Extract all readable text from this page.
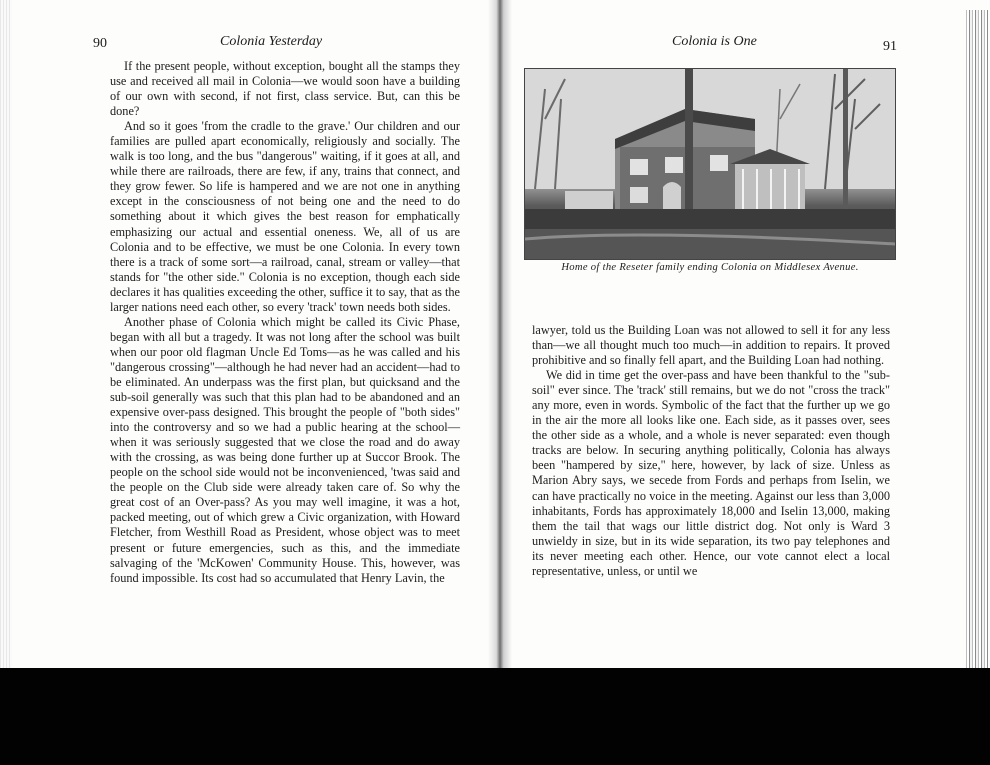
90	Colonia Yesterday

If the present people, without exception, bought all the stamps they use and received all mail in Colonia—we would soon have a building of our own with second, if not first, class service. But, can this be done?

And so it goes 'from the cradle to the grave.' Our children and our families are pulled apart economically, religiously and socially. The walk is too long, and the bus "dangerous" waiting, if it goes at all, and while there are railroads, there are few, if any, trains that connect, and they grow fewer. So life is hampered and we are not one in anything except in the consciousness of not being one and the need to do something about it which gives the best reason for emphatically emphasizing our actual and essential oneness. We, all of us are Colonia and to be effective, we must be one Colonia. In every town there is a track of some sort—a railroad, canal, stream or valley—that stands for "the other side." Colonia is no exception, though each side declares it has qualities exceeding the other, suffice it to say, that as the larger nations need each other, so every 'track' town needs both sides.

Another phase of Colonia which might be called its Civic Phase, began with all but a tragedy. It was not long after the school was built when our poor old flagman Uncle Ed Toms—as he was called and his "dangerous crossing"—although he had never had an accident—had to be eliminated. An underpass was the first plan, but quicksand and the sub-soil generally was such that this plan had to be abandoned and an expensive over-pass designed. This brought the people of "both sides" into the controversy and so we had a public hearing at the school—when it was seriously suggested that we close the road and do away with the crossing, as was being done further up at Succor Brook. The people on the school side would not be inconvenienced, 'twas said and the people on the Club side were already taken care of. So why the great cost of an Over-pass? As you may well imagine, it was a hot, packed meeting, out of which grew a Civic organization, with Howard Fletcher, from Westhill Road as President, whose object was to meet present or future emergencies, such as this, and the immediate salvaging of the 'McKowen' Community House. This, however, was found impossible. Its cost had so accumulated that Henry Lavin, the

Colonia is One	91
Home of the Reseter family ending Colonia on Middlesex Avenue.

lawyer, told us the Building Loan was not allowed to sell it for any less than—we all thought much too much—in addition to repairs. It proved prohibitive and so finally fell apart, and the Building Loan had nothing.

We did in time get the over-pass and have been thankful to the "sub-soil" ever since. The 'track' still remains, but we do not "cross the track" any more, even in words. Symbolic of the fact that the further up we go in the air the more all looks like one. Each side, as it passes over, sees the other side as a whole, and a whole is never separated: even though tracks are below. In securing anything politically, Colonia has always been "hampered by size," here, however, by lack of size. Unless as Marion Abry says, we secede from Fords and perhaps from Iselin, we can have practically no voice in the meeting. Against our less than 3,000 inhabitants, Fords has approximately 18,000 and Iselin 13,000, making them the tail that wags our little district dog. Not only is Ward 3 unwieldy in size, but in its wide separation, its two pay telephones and its never meeting each other. Hence, our vote cannot elect a local representative, unless, or until we
